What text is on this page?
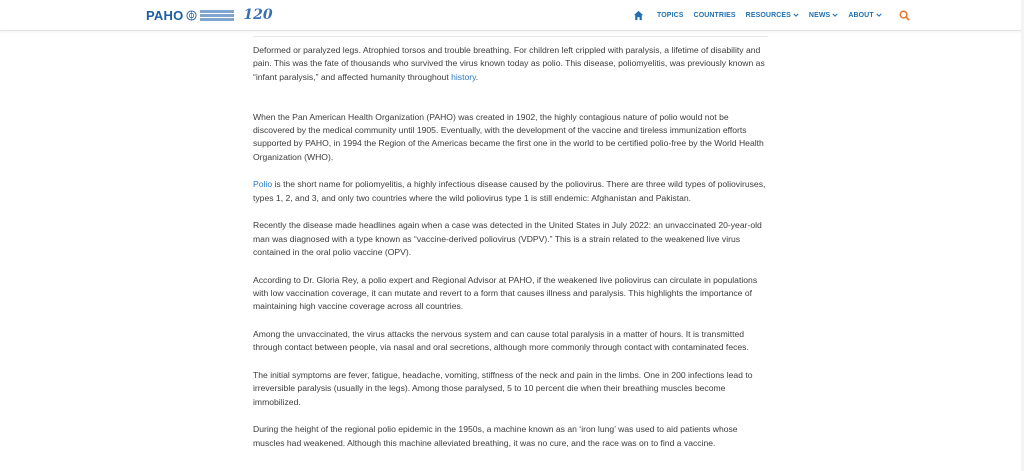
PAHO	120	TOPICS COUNTRIES RESOURCES	NEWS	ABOUT

Deformed or paralyzed legs. Atrophied torsos and trouble breathing. For children left crippled with paralysis, a lifetime of disability and pain. This was the fate of thousands who survived the virus known today as polio. This disease, poliomyelitis, was previously known as “infant paralysis,” and affected humanity throughout history.

When the Pan American Health Organization (PAHO) was created in 1902, the highly contagious nature of polio would not be discovered by the medical community until 1905. Eventually, with the development of the vaccine and tireless immunization efforts supported by PAHO, in 1994 the Region of the Americas became the first one in the world to be certified polio-free by the World Health Organization (WHO).

Polio is the short name for poliomyelitis, a highly infectious disease caused by the poliovirus. There are three wild types of polioviruses, types 1, 2, and 3, and only two countries where the wild poliovirus type 1 is still endemic: Afghanistan and Pakistan.

Recently the disease made headlines again when a case was detected in the United States in July 2022: an unvaccinated 20-year-old man was diagnosed with a type known as “vaccine-derived poliovirus (VDPV).” This is a strain related to the weakened live virus contained in the oral polio vaccine (OPV).

According to Dr. Gloria Rey, a polio expert and Regional Advisor at PAHO, if the weakened live poliovirus can circulate in populations with low vaccination coverage, it can mutate and revert to a form that causes illness and paralysis. This highlights the importance of maintaining high vaccine coverage across all countries.

Among the unvaccinated, the virus attacks the nervous system and can cause total paralysis in a matter of hours. It is transmitted through contact between people, via nasal and oral secretions, although more commonly through contact with contaminated feces.

The initial symptoms are fever, fatigue, headache, vomiting, stiffness of the neck and pain in the limbs. One in 200 infections lead to irreversible paralysis (usually in the legs). Among those paralysed, 5 to 10 percent die when their breathing muscles become immobilized.

During the height of the regional polio epidemic in the 1950s, a machine known as an ‘iron lung’ was used to aid patients whose muscles had weakened. Although this machine alleviated breathing, it was no cure, and the race was on to find a vaccine.
